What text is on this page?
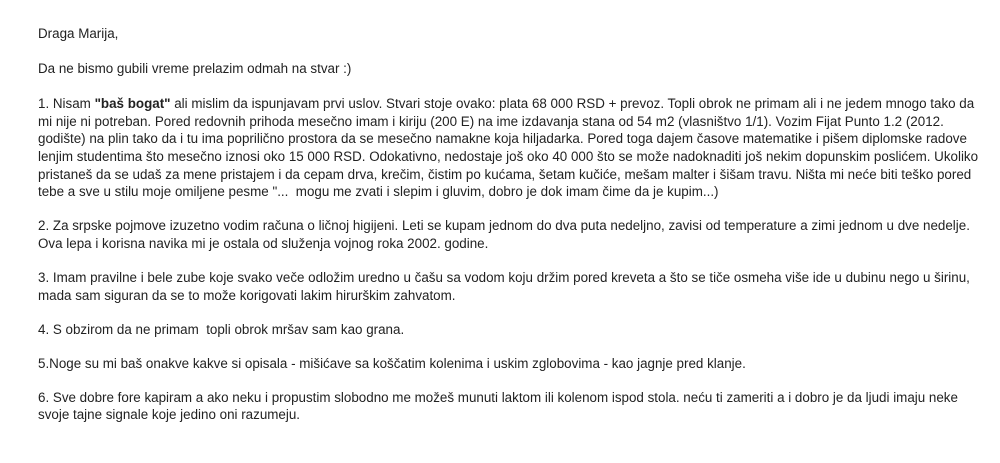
Draga Marija,

Da ne bismo gubili vreme prelazim odmah na stvar :)

1. Nisam "baš bogat" ali mislim da ispunjavam prvi uslov. Stvari stoje ovako: plata 68 000 RSD + prevoz. Topli obrok ne primam ali i ne jedem mnogo tako da mi nije ni potreban. Pored redovnih prihoda mesečno imam i kiriju (200 E) na ime izdavanja stana od 54 m2 (vlasništvo 1/1). Vozim Fijat Punto 1.2 (2012. godište) na plin tako da i tu ima poprilično prostora da se mesečno namakne koja hiljadarka. Pored toga dajem časove matematike i pišem diplomske radove lenjim studentima što mesečno iznosi oko 15 000 RSD. Odokativno, nedostaje još oko 40 000 što se može nadoknaditi još nekim dopunskim poslićem. Ukoliko pristaneš da se udaš za mene pristajem i da cepam drva, krečim, čistim po kućama, šetam kučiće, mešam malter i šišam travu. Ništa mi neće biti teško pored tebe a sve u stilu moje omiljene pesme "...  mogu me zvati i slepim i gluvim, dobro je dok imam čime da je kupim...)

2. Za srpske pojmove izuzetno vodim računa o ličnoj higijeni. Leti se kupam jednom do dva puta nedeljno, zavisi od temperature a zimi jednom u dve nedelje. Ova lepa i korisna navika mi je ostala od služenja vojnog roka 2002. godine.

3. Imam pravilne i bele zube koje svako veče odložim uredno u čašu sa vodom koju držim pored kreveta a što se tiče osmeha više ide u dubinu nego u širinu, mada sam siguran da se to može korigovati lakim hirurškim zahvatom.

4. S obzirom da ne primam  topli obrok mršav sam kao grana.

5.Noge su mi baš onakve kakve si opisala - mišićave sa koščatim kolenima i uskim zglobovima - kao jagnje pred klanje.

6. Sve dobre fore kapiram a ako neku i propustim slobodno me možeš munuti laktom ili kolenom ispod stola. neću ti zameriti a i dobro je da ljudi imaju neke svoje tajne signale koje jedino oni razumeju.
